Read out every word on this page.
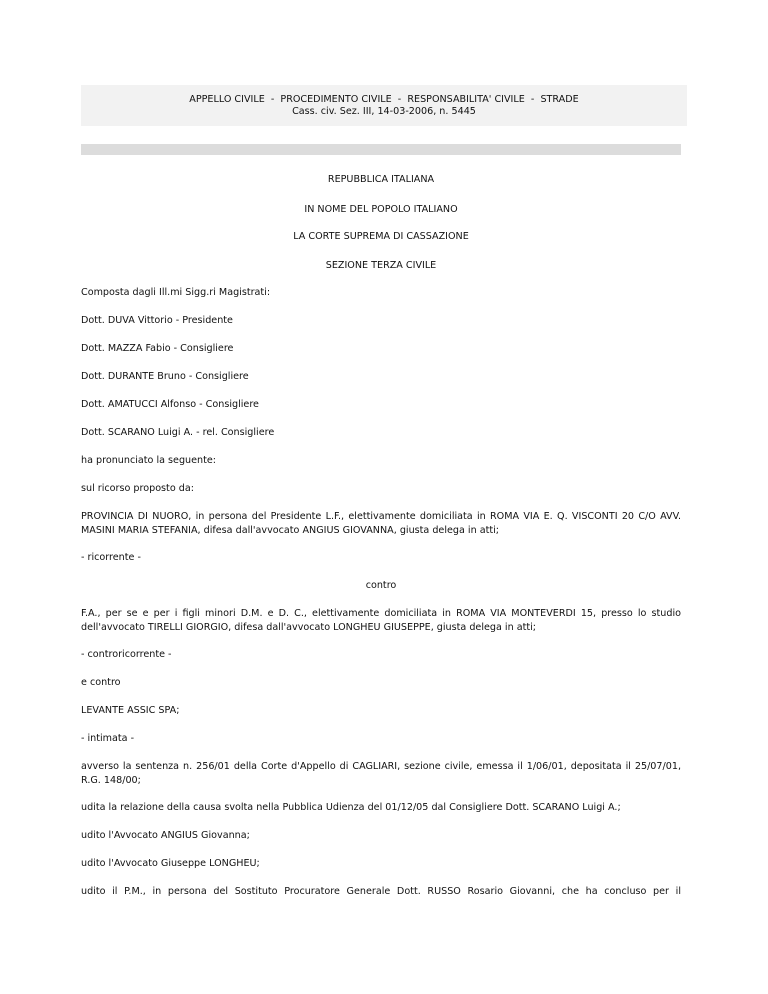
APPELLO CIVILE  -  PROCEDIMENTO CIVILE  -  RESPONSABILITA' CIVILE  -  STRADE
Cass. civ. Sez. III, 14-03-2006, n. 5445

REPUBBLICA ITALIANA

IN NOME DEL POPOLO ITALIANO

LA CORTE SUPREMA DI CASSAZIONE

SEZIONE TERZA CIVILE

Composta dagli Ill.mi Sigg.ri Magistrati:

Dott. DUVA Vittorio - Presidente

Dott. MAZZA Fabio - Consigliere

Dott. DURANTE Bruno - Consigliere

Dott. AMATUCCI Alfonso - Consigliere

Dott. SCARANO Luigi A. - rel. Consigliere

ha pronunciato la seguente:

sul ricorso proposto da:

PROVINCIA DI NUORO, in persona del Presidente L.F., elettivamente domiciliata in ROMA VIA E. Q. VISCONTI 20 C/O AVV. MASINI MARIA STEFANIA, difesa dall'avvocato ANGIUS GIOVANNA, giusta delega in atti;

- ricorrente -

contro

F.A., per se e per i figli minori D.M. e D. C., elettivamente domiciliata in ROMA VIA MONTEVERDI 15, presso lo studio dell'avvocato TIRELLI GIORGIO, difesa dall'avvocato LONGHEU GIUSEPPE, giusta delega in atti;

- controricorrente -

e contro

LEVANTE ASSIC SPA;

- intimata -

avverso la sentenza n. 256/01 della Corte d'Appello di CAGLIARI, sezione civile, emessa il 1/06/01, depositata il 25/07/01, R.G. 148/00;

udita la relazione della causa svolta nella Pubblica Udienza del 01/12/05 dal Consigliere Dott. SCARANO Luigi A.;

udito l'Avvocato ANGIUS Giovanna;

udito l'Avvocato Giuseppe LONGHEU;

udito il P.M., in persona del Sostituto Procuratore Generale Dott. RUSSO Rosario Giovanni, che ha concluso per il
